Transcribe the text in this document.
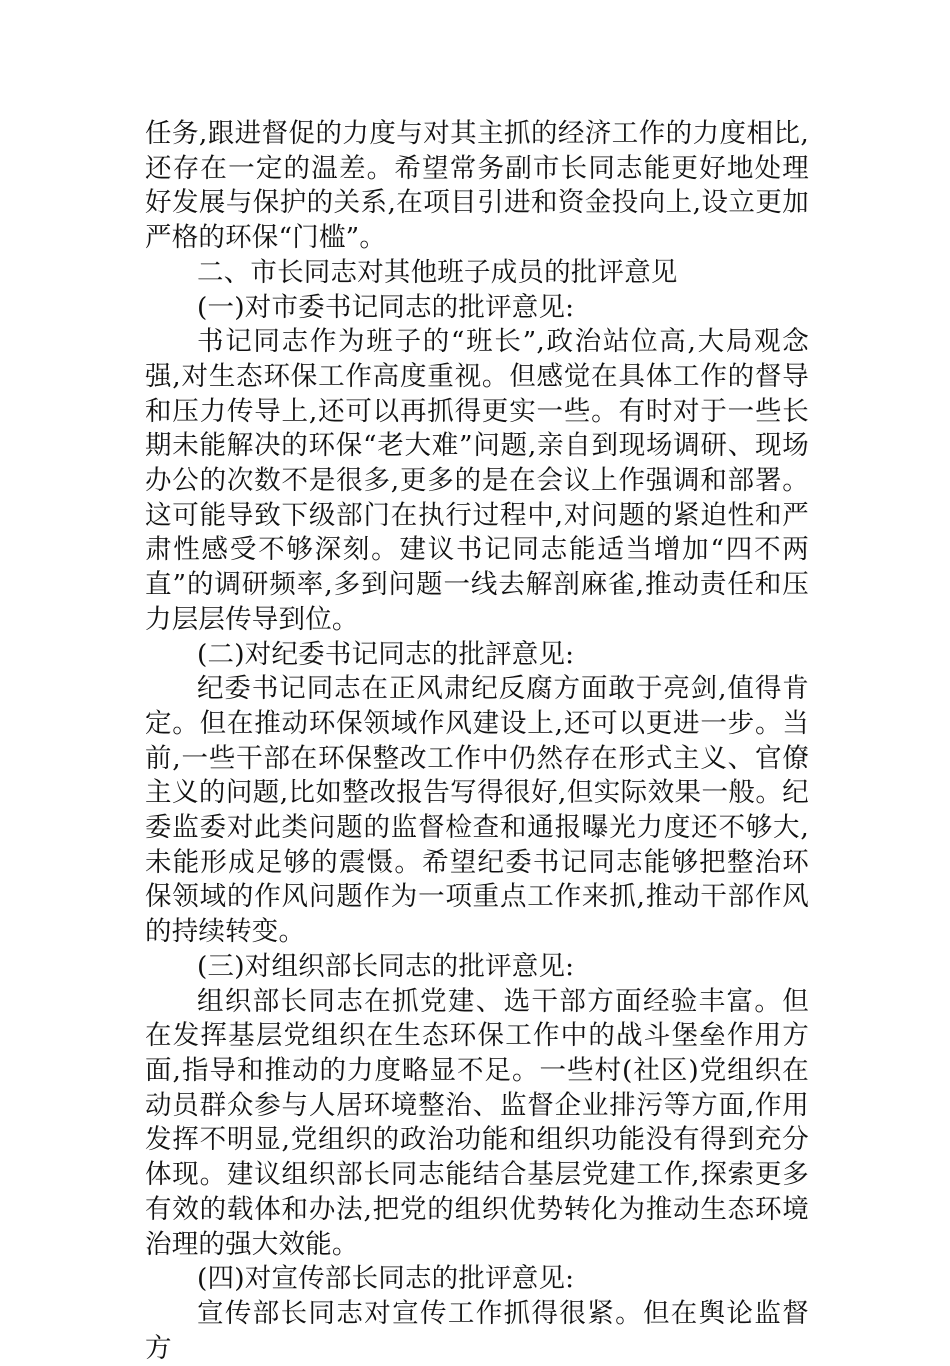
任务,跟进督促的力度与对其主抓的经济工作的力度相比,还存在一定的温差。希望常务副市长同志能更好地处理好发展与保护的关系,在项目引进和资金投向上,设立更加严格的环保“门槛”。

二、市长同志对其他班子成员的批评意见

(一)对市委书记同志的批评意见:

书记同志作为班子的“班长”,政治站位高,大局观念强,对生态环保工作高度重视。但感觉在具体工作的督导和压力传导上,还可以再抓得更实一些。有时对于一些长期未能解决的环保“老大难”问题,亲自到现场调研、现场办公的次数不是很多,更多的是在会议上作强调和部署。这可能导致下级部门在执行过程中,对问题的紧迫性和严肃性感受不够深刻。建议书记同志能适当增加“四不两直”的调研频率,多到问题一线去解剖麻雀,推动责任和压力层层传导到位。

(二)对纪委书记同志的批評意见:

纪委书记同志在正风肃纪反腐方面敢于亮剑,值得肯定。但在推动环保领域作风建设上,还可以更进一步。当前,一些干部在环保整改工作中仍然存在形式主义、官僚主义的问题,比如整改报告写得很好,但实际效果一般。纪委监委对此类问题的监督检查和通报曝光力度还不够大,未能形成足够的震慑。希望纪委书记同志能够把整治环保领域的作风问题作为一项重点工作来抓,推动干部作风的持续转变。

(三)对组织部长同志的批评意见:

组织部长同志在抓党建、选干部方面经验丰富。但在发挥基层党组织在生态环保工作中的战斗堡垒作用方面,指导和推动的力度略显不足。一些村(社区)党组织在动员群众参与人居环境整治、监督企业排污等方面,作用发挥不明显,党组织的政治功能和组织功能没有得到充分体现。建议组织部长同志能结合基层党建工作,探索更多有效的载体和办法,把党的组织优势转化为推动生态环境治理的强大效能。

(四)对宣传部长同志的批评意见:

宣传部长同志对宣传工作抓得很紧。但在舆论监督方
